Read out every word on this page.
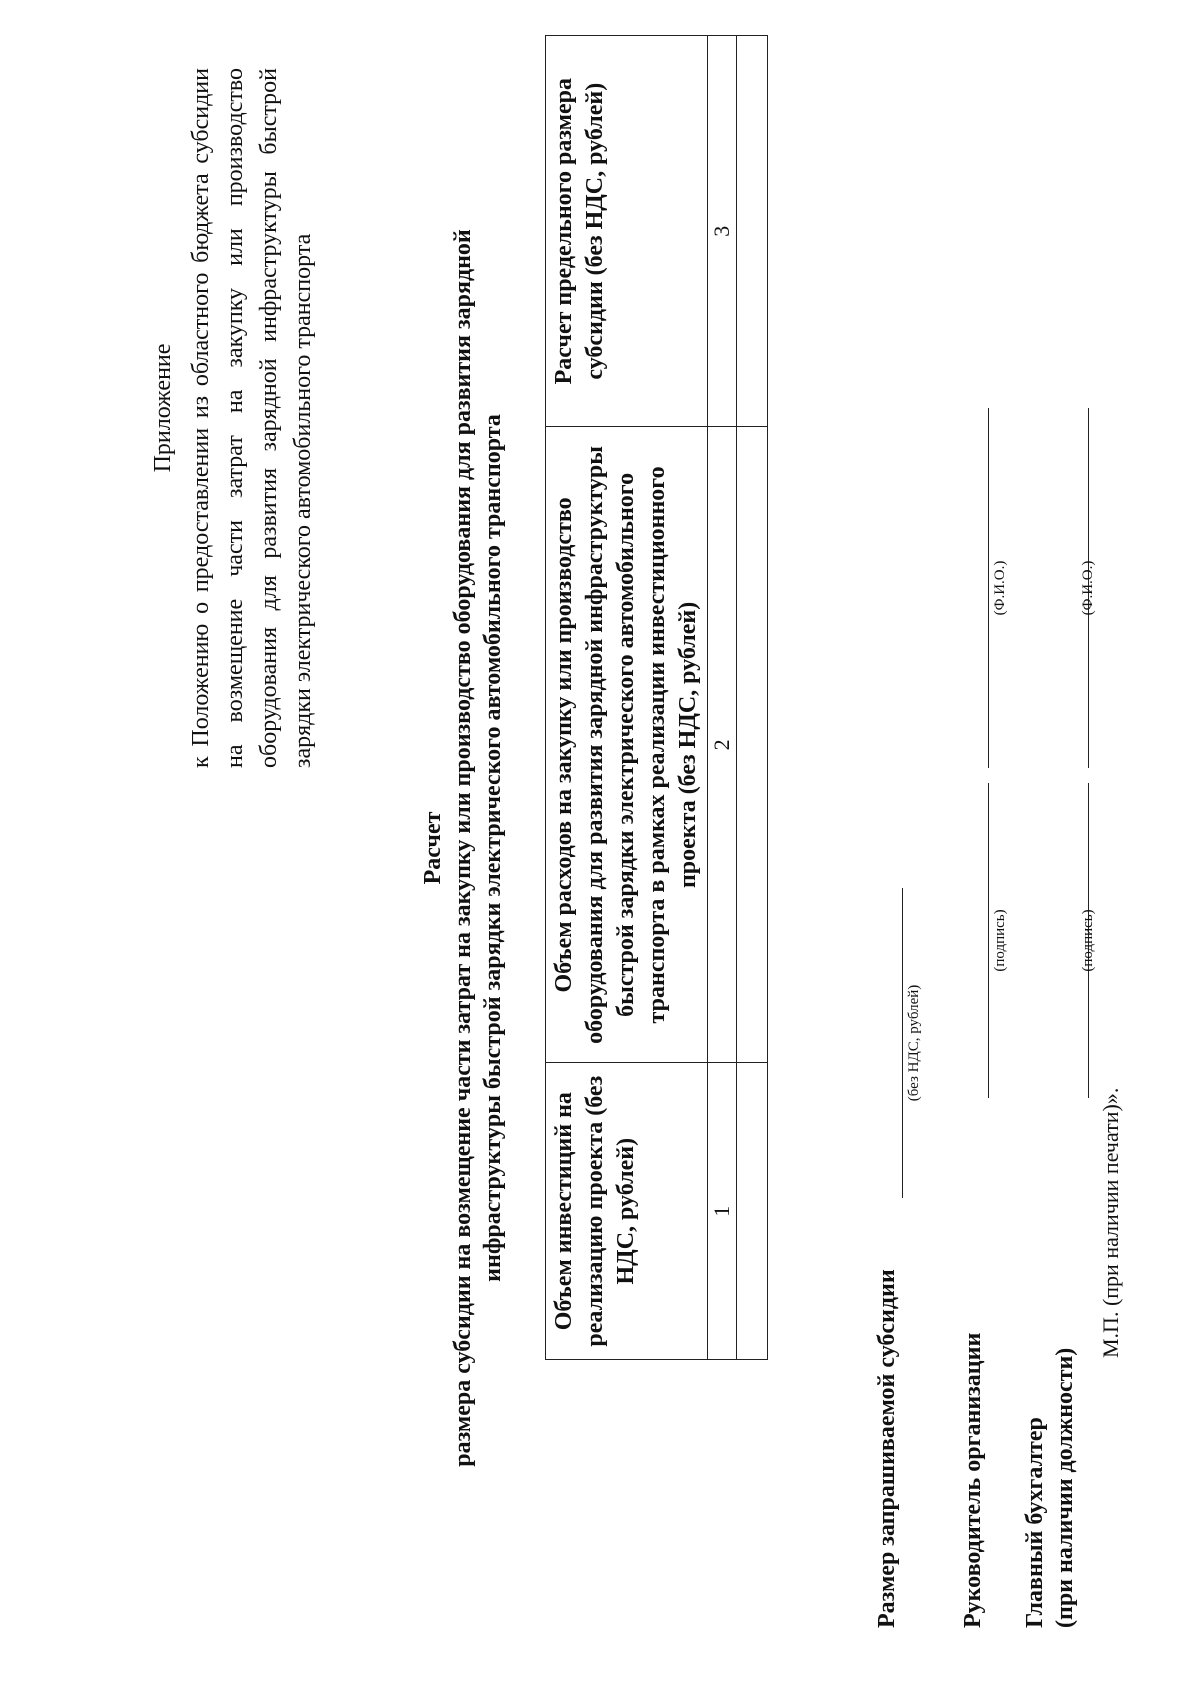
Приложение к Положению о предоставлении из областного бюджета субсидии на возмещение части затрат на закупку или производство оборудования для развития зарядной инфраструктуры быстрой зарядки электрического автомобильного транспорта

Расчет размера субсидии на возмещение части затрат на закупку или производство оборудования для развития зарядной инфраструктуры быстрой зарядки электрического автомобильного транспорта Объем инвестиций на реализацию проекта (без НДС, рублей)	Объем расходов на закупку или производство оборудования для развития зарядной инфраструктуры быстрой зарядки электрического автомобильного транспорта в рамках реализации инвестиционного проекта (без НДС, рублей)	Расчет предельного размера субсидии (без НДС, рублей)
1	2	3

Размер запрашиваемой субсидии
(без НДС, рублей)
Руководитель организации
(подпись)
(Ф.И.О.)
Главный бухгалтер (при наличии должности)
(подпись)
(Ф.И.О.)
М.П. (при наличии печати)».
